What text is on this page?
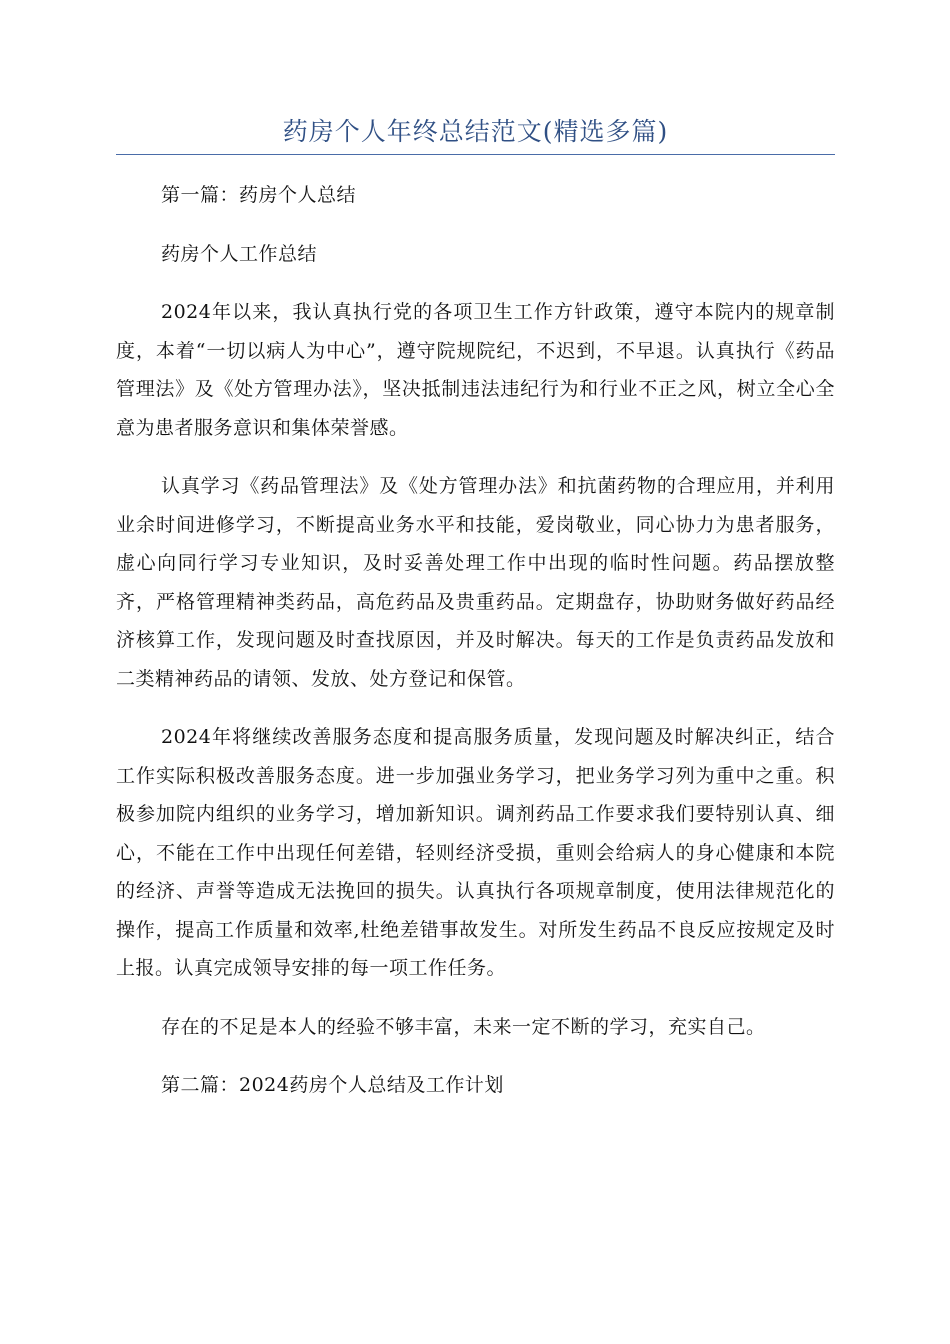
药房个人年终总结范文(精选多篇)

第一篇：药房个人总结

药房个人工作总结

2024年以来，我认真执行党的各项卫生工作方针政策，遵守本院内的规章制度，本着“一切以病人为中心”，遵守院规院纪，不迟到，不早退。认真执行《药品管理法》及《处方管理办法》，坚决抵制违法违纪行为和行业不正之风，树立全心全意为患者服务意识和集体荣誉感。

认真学习《药品管理法》及《处方管理办法》和抗菌药物的合理应用，并利用业余时间进修学习，不断提高业务水平和技能，爱岗敬业，同心协力为患者服务，虚心向同行学习专业知识，及时妥善处理工作中出现的临时性问题。药品摆放整齐，严格管理精神类药品，高危药品及贵重药品。定期盘存，协助财务做好药品经济核算工作，发现问题及时查找原因，并及时解决。每天的工作是负责药品发放和二类精神药品的请领、发放、处方登记和保管。

2024年将继续改善服务态度和提高服务质量，发现问题及时解决纠正，结合工作实际积极改善服务态度。进一步加强业务学习，把业务学习列为重中之重。积极参加院内组织的业务学习，增加新知识。调剂药品工作要求我们要特别认真、细心，不能在工作中出现任何差错，轻则经济受损，重则会给病人的身心健康和本院的经济、声誉等造成无法挽回的损失。认真执行各项规章制度，使用法律规范化的操作，提高工作质量和效率,杜绝差错事故发生。对所发生药品不良反应按规定及时上报。认真完成领导安排的每一项工作任务。

存在的不足是本人的经验不够丰富，未来一定不断的学习，充实自己。

第二篇：2024药房个人总结及工作计划
